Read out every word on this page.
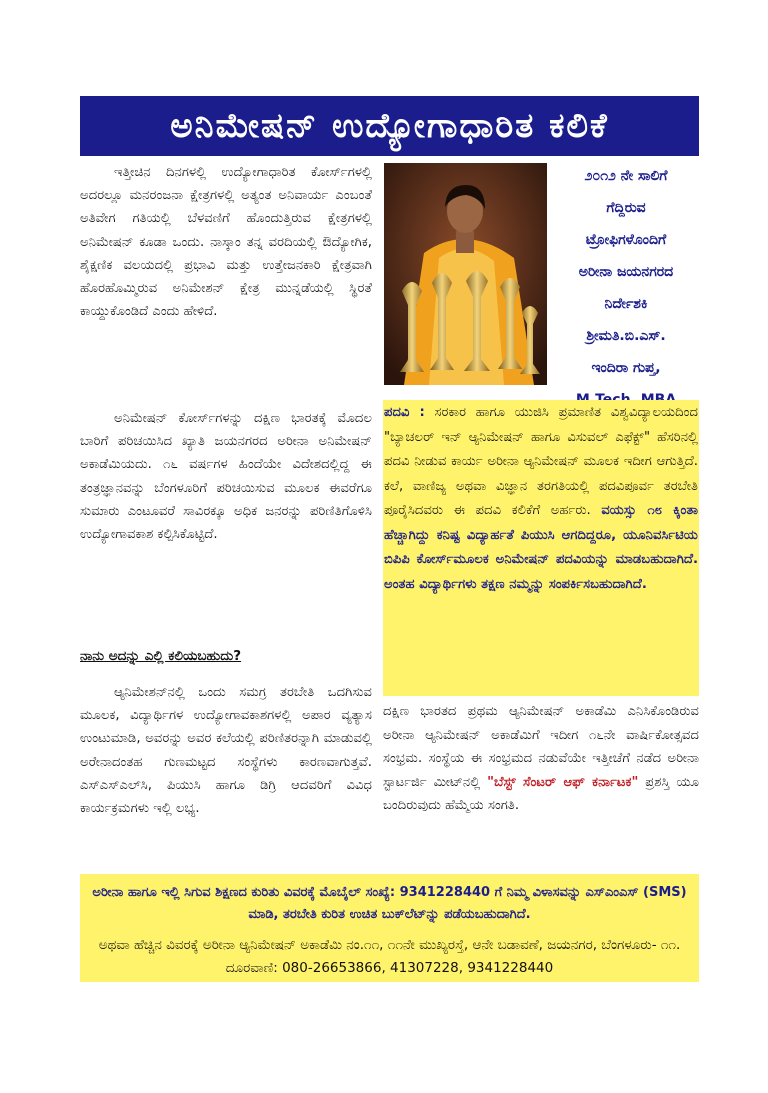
ಅನಿಮೇಷನ್ ಉದ್ಯೋಗಾಧಾರಿತ ಕಲಿಕೆ

ಇತ್ತೀಚಿನ ದಿನಗಳಲ್ಲಿ ಉದ್ಯೋಗಾಧಾರಿತ ಕೋರ್ಸ್‌ಗಳಲ್ಲಿ ಅದರಲ್ಲೂ ಮನರಂಜನಾ ಕ್ಷೇತ್ರಗಳಲ್ಲಿ ಅತ್ಯಂತ ಅನಿವಾರ್ಯ ಎಂಬಂತೆ ಅತಿವೇಗ ಗತಿಯಲ್ಲಿ ಬೆಳವಣಿಗೆ ಹೊಂದುತ್ತಿರುವ ಕ್ಷೇತ್ರಗಳಲ್ಲಿ ಅನಿಮೇಷನ್ ಕೂಡಾ ಒಂದು. ನಾಸ್ಕಾಂ ತನ್ನ ವರದಿಯಲ್ಲಿ ಔದ್ಯೋಗಿಕ, ಶೈಕ್ಷಣಿಕ ವಲಯದಲ್ಲಿ ಪ್ರಭಾವಿ ಮತ್ತು ಉತ್ತೇಜನಕಾರಿ ಕ್ಷೇತ್ರವಾಗಿ ಹೊರಹೊಮ್ಮಿರುವ ಅನಿಮೇಶನ್ ಕ್ಷೇತ್ರ ಮುನ್ನಡೆಯಲ್ಲಿ ಸ್ಥಿರತೆ ಕಾಯ್ದುಕೊಂಡಿದೆ ಎಂದು ಹೇಳಿದೆ.

ಅನಿಮೇಷನ್ ಕೋರ್ಸ್‌ಗಳನ್ನು ದಕ್ಷಿಣ ಭಾರತಕ್ಕೆ ಮೊದಲ ಬಾರಿಗೆ ಪರಿಚಯಿಸಿದ ಖ್ಯಾತಿ ಜಯನಗರದ ಅರೀನಾ ಅನಿಮೇಷನ್ ಅಕಾಡೆಮಿಯದು. ೧೬ ವರ್ಷಗಳ ಹಿಂದೆಯೇ ವಿದೇಶದಲ್ಲಿದ್ದ ಈ ತಂತ್ರಜ್ಞಾನವನ್ನು ಬೆಂಗಳೂರಿಗೆ ಪರಿಚಯಿಸುವ ಮೂಲಕ ಈವರೆಗೂ ಸುಮಾರು ಎಂಟೂವರೆ ಸಾವಿರಕ್ಕೂ ಅಧಿಕ ಜನರನ್ನು ಪರಿಣಿತಿಗೊಳಿಸಿ ಉದ್ಯೋಗಾವಕಾಶ ಕಲ್ಪಿಸಿಕೊಟ್ಟಿದೆ.

ನಾನು ಅದನ್ನು ಎಲ್ಲಿ ಕಲಿಯಬಹುದು?

ಆ್ಯನಿಮೇಶನ್‌ನಲ್ಲಿ ಒಂದು ಸಮಗ್ರ ತರಬೇತಿ ಒದಗಿಸುವ ಮೂಲಕ, ವಿದ್ಯಾರ್ಥಿಗಳ ಉದ್ಯೋಗಾವಕಾಶಗಳಲ್ಲಿ ಅಪಾರ ವ್ಯತ್ಯಾಸ ಉಂಟುಮಾಡಿ, ಅವರನ್ನು ಅವರ ಕಲೆಯಲ್ಲಿ ಪರಿಣಿತರನ್ನಾಗಿ ಮಾಡುವಲ್ಲಿ ಅರೇನಾದಂತಹ ಗುಣಮಟ್ಟದ ಸಂಸ್ಥೆಗಳು ಕಾರಣವಾಗುತ್ತವೆ. ಎಸ್‌ಎಸ್‌ಎಲ್‌ಸಿ, ಪಿಯುಸಿ ಹಾಗೂ ಡಿಗ್ರಿ ಆದವರಿಗೆ ವಿವಿಧ ಕಾರ್ಯಕ್ರಮಗಳು ಇಲ್ಲಿ ಲಭ್ಯ.

೨೦೧೨ ನೇ ಸಾಲಿಗೆ
ಗೆದ್ದಿರುವ
ಟ್ರೋಫಿಗಳೊಂದಿಗೆ
ಅರೀನಾ ಜಯನಗರದ
ನಿರ್ದೇಶಕಿ
ಶ್ರೀಮತಿ.ಬಿ.ಎಸ್.
ಇಂದಿರಾ ಗುಪ್ತ,
ಪದವಿ : ಸರಕಾರ ಹಾಗೂ ಯುಜಿಸಿ ಪ್ರಮಾಣಿತ ವಿಶ್ವವಿದ್ಯಾಲಯದಿಂದ "ಬ್ಯಾಚಲರ್ ಇನ್ ಆ್ಯನಿಮೇಷನ್ ಹಾಗೂ ವಿಸುವಲ್ ಎಫೆಕ್ಟ್" ಹೆಸರಿನಲ್ಲಿ ಪದವಿ ನೀಡುವ ಕಾರ್ಯ ಅರೀನಾ ಆ್ಯನಿಮೇಷನ್ ಮೂಲಕ ಇದೀಗ ಆಗುತ್ತಿದೆ. ಕಲೆ, ವಾಣಿಜ್ಯ ಅಥವಾ ವಿಜ್ಞಾನ ತರಗತಿಯಲ್ಲಿ ಪದವಿಪೂರ್ವ ತರಬೇತಿ ಪೂರೈಸಿದವರು ಈ ಪದವಿ ಕಲಿಕೆಗೆ ಅರ್ಹರು. ವಯಸ್ಸು ೧೮ ಕ್ಕಿಂತಾ ಹೆಚ್ಚಾಗಿದ್ದು ಕನಿಷ್ಟ ವಿದ್ಯಾರ್ಹತೆ ಪಿಯುಸಿ ಆಗದಿದ್ದರೂ, ಯೂನಿವರ್ಸಿಟಿಯ ಬಿಪಿಪಿ ಕೋರ್ಸ್‌ಮೂಲಕ ಅನಿಮೇಷನ್ ಪದವಿಯನ್ನು ಮಾಡಬಹುದಾಗಿದೆ. ಅಂತಹ ವಿದ್ಯಾರ್ಥಿಗಳು ತಕ್ಷಣ ನಮ್ಮನ್ನು ಸಂಪರ್ಕಿಸಬಹುದಾಗಿದೆ.
ದಕ್ಷಿಣ ಭಾರತದ ಪ್ರಥಮ ಆ್ಯನಿಮೇಷನ್ ಅಕಾಡೆಮಿ ಎನಿಸಿಕೊಂಡಿರುವ ಅರೀನಾ ಆ್ಯನಿಮೇಷನ್ ಅಕಾಡೆಮಿಗೆ ಇದೀಗ ೧೬ನೇ ವಾರ್ಷಿಕೋತ್ಸವದ ಸಂಭ್ರಮ. ಸಂಸ್ಥೆಯ ಈ ಸಂಭ್ರಮದ ನಡುವೆಯೇ ಇತ್ತೀಚೆಗೆ ನಡೆದ ಅರೀನಾ ಸ್ಟಾರ್ಟರ್ಜಿ ಮೀಟ್‌ನಲ್ಲಿ "ಬೆಸ್ಟ್ ಸೆಂಟರ್ ಆಫ್ ಕರ್ನಾಟಕ" ಪ್ರಶಸ್ತಿ ಯೂ ಬಂದಿರುವುದು ಹೆಮ್ಮೆಯ ಸಂಗತಿ.
ಅರೀನಾ ಹಾಗೂ ಇಲ್ಲಿ ಸಿಗುವ ಶಿಕ್ಷಣದ ಕುರಿತು ವಿವರಕ್ಕೆ ಮೊಬೈಲ್ ಸಂಖ್ಯೆ: 9341228440 ಗೆ ನಿಮ್ಮ ವಿಳಾಸವನ್ನು ಎಸ್‌ಎಂಎಸ್ (SMS) ಮಾಡಿ, ತರಬೇತಿ ಕುರಿತ ಉಚಿತ ಬುಕ್‌ಲೆಟ್‌ನ್ನು ಪಡೆಯಬಹುದಾಗಿದೆ.
ಅಥವಾ ಹೆಚ್ಚಿನ ವಿವರಕ್ಕೆ ಅರೀನಾ ಆ್ಯನಿಮೇಷನ್ ಅಕಾಡೆಮಿ ನಂ.೧೧, ೧೧ನೇ ಮುಖ್ಯರಸ್ತೆ, ಆನೇ ಬಡಾವಣೆ, ಜಯನಗರ, ಬೆಂಗಳೂರು- ೧೧. ದೂರವಾಣಿ: 080-26653866, 41307228, 9341228440
